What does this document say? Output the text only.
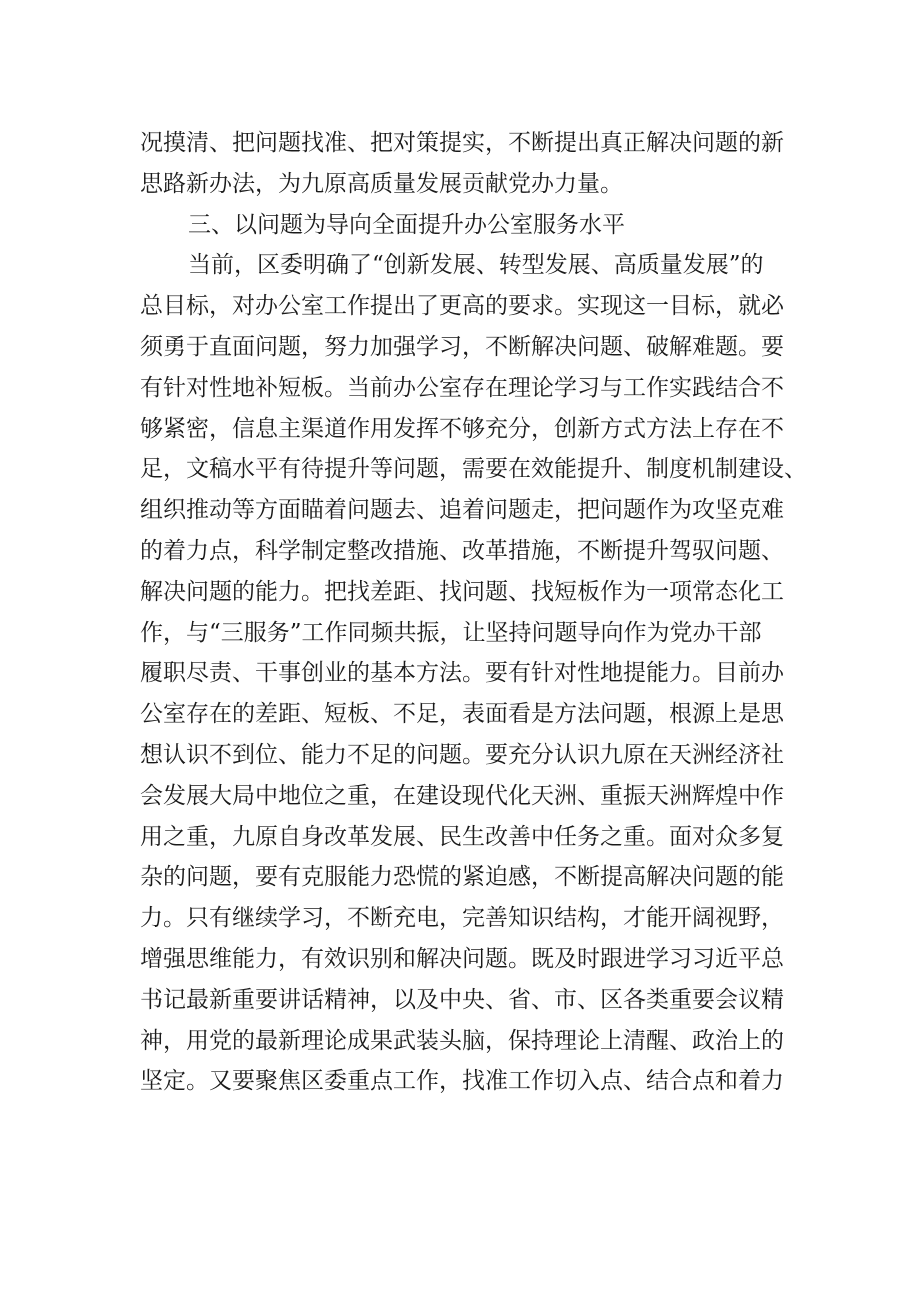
况摸清、把问题找准、把对策提实，不断提出真正解决问题的新
思路新办法，为九原高质量发展贡献党办力量。
三、以问题为导向全面提升办公室服务水平
当前，区委明确了“创新发展、转型发展、高质量发展”的
总目标，对办公室工作提出了更高的要求。实现这一目标，就必
须勇于直面问题，努力加强学习，不断解决问题、破解难题。要
有针对性地补短板。当前办公室存在理论学习与工作实践结合不
够紧密，信息主渠道作用发挥不够充分，创新方式方法上存在不
足，文稿水平有待提升等问题，需要在效能提升、制度机制建设、
组织推动等方面瞄着问题去、追着问题走，把问题作为攻坚克难
的着力点，科学制定整改措施、改革措施，不断提升驾驭问题、
解决问题的能力。把找差距、找问题、找短板作为一项常态化工
作，与“三服务”工作同频共振，让坚持问题导向作为党办干部
履职尽责、干事创业的基本方法。要有针对性地提能力。目前办
公室存在的差距、短板、不足，表面看是方法问题，根源上是思
想认识不到位、能力不足的问题。要充分认识九原在天洲经济社
会发展大局中地位之重，在建设现代化天洲、重振天洲辉煌中作
用之重，九原自身改革发展、民生改善中任务之重。面对众多复
杂的问题，要有克服能力恐慌的紧迫感，不断提高解决问题的能
力。只有继续学习，不断充电，完善知识结构，才能开阔视野，
增强思维能力，有效识别和解决问题。既及时跟进学习习近平总
书记最新重要讲话精神，以及中央、省、市、区各类重要会议精
神，用党的最新理论成果武装头脑，保持理论上清醒、政治上的
坚定。又要聚焦区委重点工作，找准工作切入点、结合点和着力
